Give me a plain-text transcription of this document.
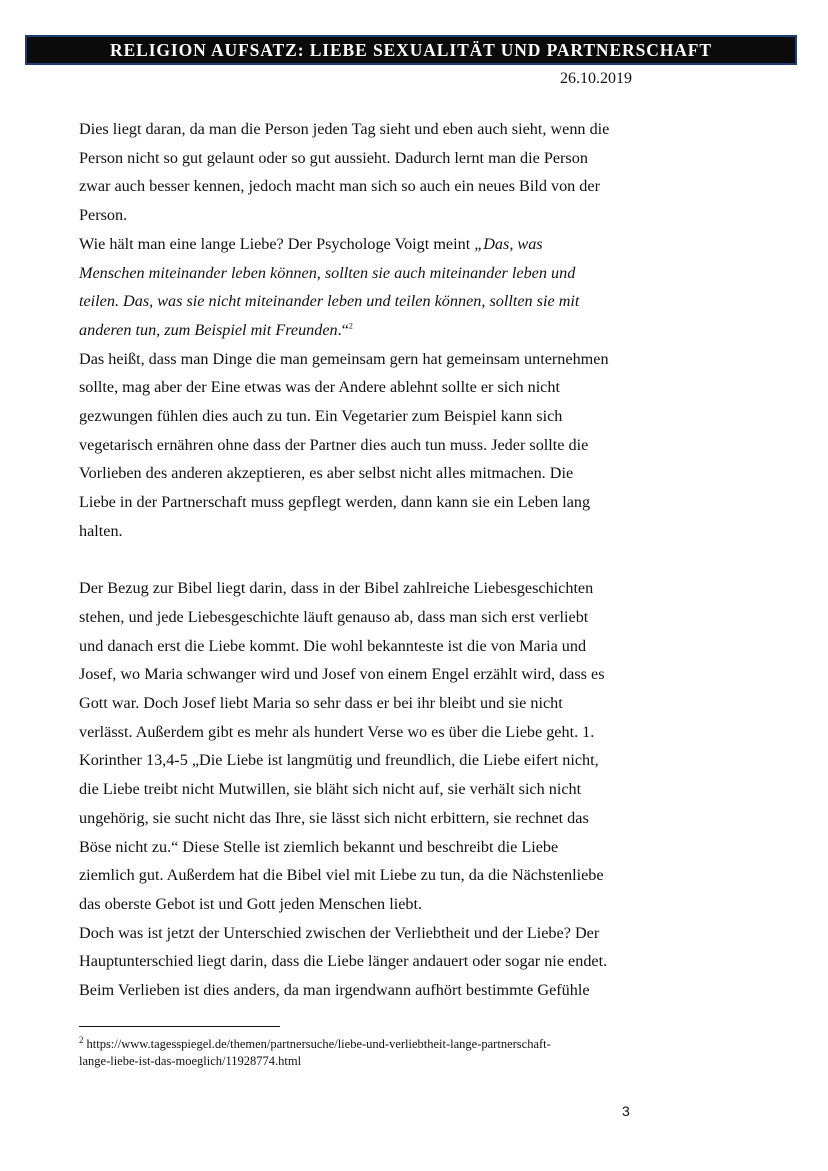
RELIGION AUFSATZ: LIEBE SEXUALITÄT UND PARTNERSCHAFT
26.10.2019

Dies liegt daran, da man die Person jeden Tag sieht und eben auch sieht, wenn die

Person nicht so gut gelaunt oder so gut aussieht. Dadurch lernt man die Person

zwar auch besser kennen, jedoch macht man sich so auch ein neues Bild von der

Person.

Wie hält man eine lange Liebe? Der Psychologe Voigt meint „Das, was

Menschen miteinander leben können, sollten sie auch miteinander leben und

teilen. Das, was sie nicht miteinander leben und teilen können, sollten sie mit

anderen tun, zum Beispiel mit Freunden.“$^2$

Das heißt, dass man Dinge die man gemeinsam gern hat gemeinsam unternehmen

sollte, mag aber der Eine etwas was der Andere ablehnt sollte er sich nicht

gezwungen fühlen dies auch zu tun. Ein Vegetarier zum Beispiel kann sich

vegetarisch ernähren ohne dass der Partner dies auch tun muss. Jeder sollte die

Vorlieben des anderen akzeptieren, es aber selbst nicht alles mitmachen. Die

Liebe in der Partnerschaft muss gepflegt werden, dann kann sie ein Leben lang

halten.

Der Bezug zur Bibel liegt darin, dass in der Bibel zahlreiche Liebesgeschichten

stehen, und jede Liebesgeschichte läuft genauso ab, dass man sich erst verliebt

und danach erst die Liebe kommt. Die wohl bekannteste ist die von Maria und

Josef, wo Maria schwanger wird und Josef von einem Engel erzählt wird, dass es

Gott war. Doch Josef liebt Maria so sehr dass er bei ihr bleibt und sie nicht

verlässt. Außerdem gibt es mehr als hundert Verse wo es über die Liebe geht. 1.

Korinther 13,4-5 „Die Liebe ist langmütig und freundlich, die Liebe eifert nicht,

die Liebe treibt nicht Mutwillen, sie bläht sich nicht auf, sie verhält sich nicht

ungehörig, sie sucht nicht das Ihre, sie lässt sich nicht erbittern, sie rechnet das

Böse nicht zu.“ Diese Stelle ist ziemlich bekannt und beschreibt die Liebe

ziemlich gut. Außerdem hat die Bibel viel mit Liebe zu tun, da die Nächstenliebe

das oberste Gebot ist und Gott jeden Menschen liebt.

Doch was ist jetzt der Unterschied zwischen der Verliebtheit und der Liebe? Der

Hauptunterschied liegt darin, dass die Liebe länger andauert oder sogar nie endet.

Beim Verlieben ist dies anders, da man irgendwann aufhört bestimmte Gefühle

$^2$ https://www.tagesspiegel.de/themen/partnersuche/liebe-und-verliebtheit-lange-partnerschaft-

lange-liebe-ist-das-moeglich/11928774.html

3
